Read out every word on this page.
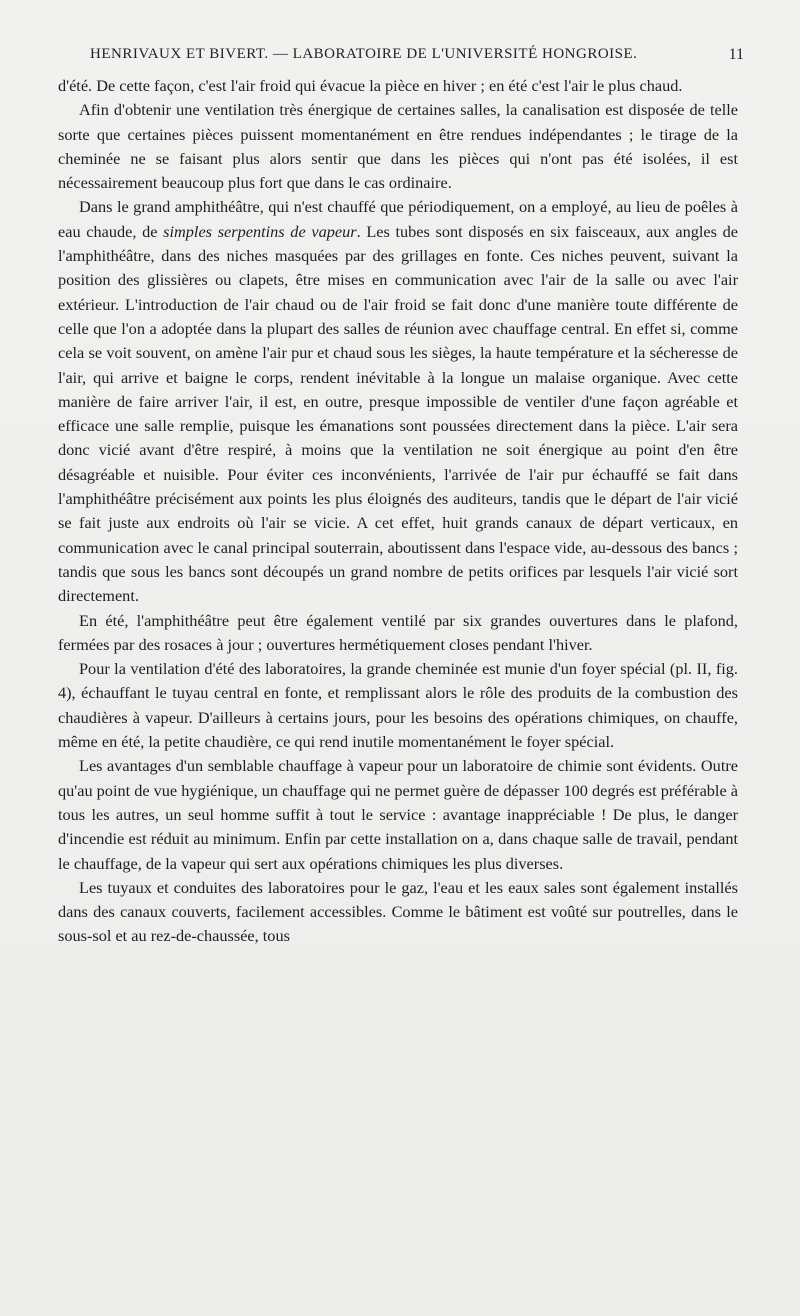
HENRIVAUX ET BIVERT. — LABORATOIRE DE L'UNIVERSITÉ HONGROISE.	11

d'été. De cette façon, c'est l'air froid qui évacue la pièce en hiver ; en été c'est l'air le plus chaud.

Afin d'obtenir une ventilation très énergique de certaines salles, la canalisation est disposée de telle sorte que certaines pièces puissent momentanément en être rendues indépendantes ; le tirage de la cheminée ne se faisant plus alors sentir que dans les pièces qui n'ont pas été isolées, il est nécessairement beaucoup plus fort que dans le cas ordinaire.

Dans le grand amphithéâtre, qui n'est chauffé que périodiquement, on a employé, au lieu de poêles à eau chaude, de simples serpentins de vapeur. Les tubes sont disposés en six faisceaux, aux angles de l'amphithéâtre, dans des niches masquées par des grillages en fonte. Ces niches peuvent, suivant la position des glissières ou clapets, être mises en communication avec l'air de la salle ou avec l'air extérieur. L'introduction de l'air chaud ou de l'air froid se fait donc d'une manière toute différente de celle que l'on a adoptée dans la plupart des salles de réunion avec chauffage central. En effet si, comme cela se voit souvent, on amène l'air pur et chaud sous les sièges, la haute température et la sécheresse de l'air, qui arrive et baigne le corps, rendent inévitable à la longue un malaise organique. Avec cette manière de faire arriver l'air, il est, en outre, presque impossible de ventiler d'une façon agréable et efficace une salle remplie, puisque les émanations sont poussées directement dans la pièce. L'air sera donc vicié avant d'être respiré, à moins que la ventilation ne soit énergique au point d'en être désagréable et nuisible. Pour éviter ces inconvénients, l'arrivée de l'air pur échauffé se fait dans l'amphithéâtre précisément aux points les plus éloignés des auditeurs, tandis que le départ de l'air vicié se fait juste aux endroits où l'air se vicie. A cet effet, huit grands canaux de départ verticaux, en communication avec le canal principal souterrain, aboutissent dans l'espace vide, au-dessous des bancs ; tandis que sous les bancs sont découpés un grand nombre de petits orifices par lesquels l'air vicié sort directement.

En été, l'amphithéâtre peut être également ventilé par six grandes ouvertures dans le plafond, fermées par des rosaces à jour ; ouvertures hermétiquement closes pendant l'hiver.

Pour la ventilation d'été des laboratoires, la grande cheminée est munie d'un foyer spécial (pl. II, fig. 4), échauffant le tuyau central en fonte, et remplissant alors le rôle des produits de la combustion des chaudières à vapeur. D'ailleurs à certains jours, pour les besoins des opérations chimiques, on chauffe, même en été, la petite chaudière, ce qui rend inutile momentanément le foyer spécial.

Les avantages d'un semblable chauffage à vapeur pour un laboratoire de chimie sont évidents. Outre qu'au point de vue hygiénique, un chauffage qui ne permet guère de dépasser 100 degrés est préférable à tous les autres, un seul homme suffit à tout le service : avantage inappréciable ! De plus, le danger d'incendie est réduit au minimum. Enfin par cette installation on a, dans chaque salle de travail, pendant le chauffage, de la vapeur qui sert aux opérations chimiques les plus diverses.

Les tuyaux et conduites des laboratoires pour le gaz, l'eau et les eaux sales sont également installés dans des canaux couverts, facilement accessibles. Comme le bâtiment est voûté sur poutrelles, dans le sous-sol et au rez-de-chaussée, tous
